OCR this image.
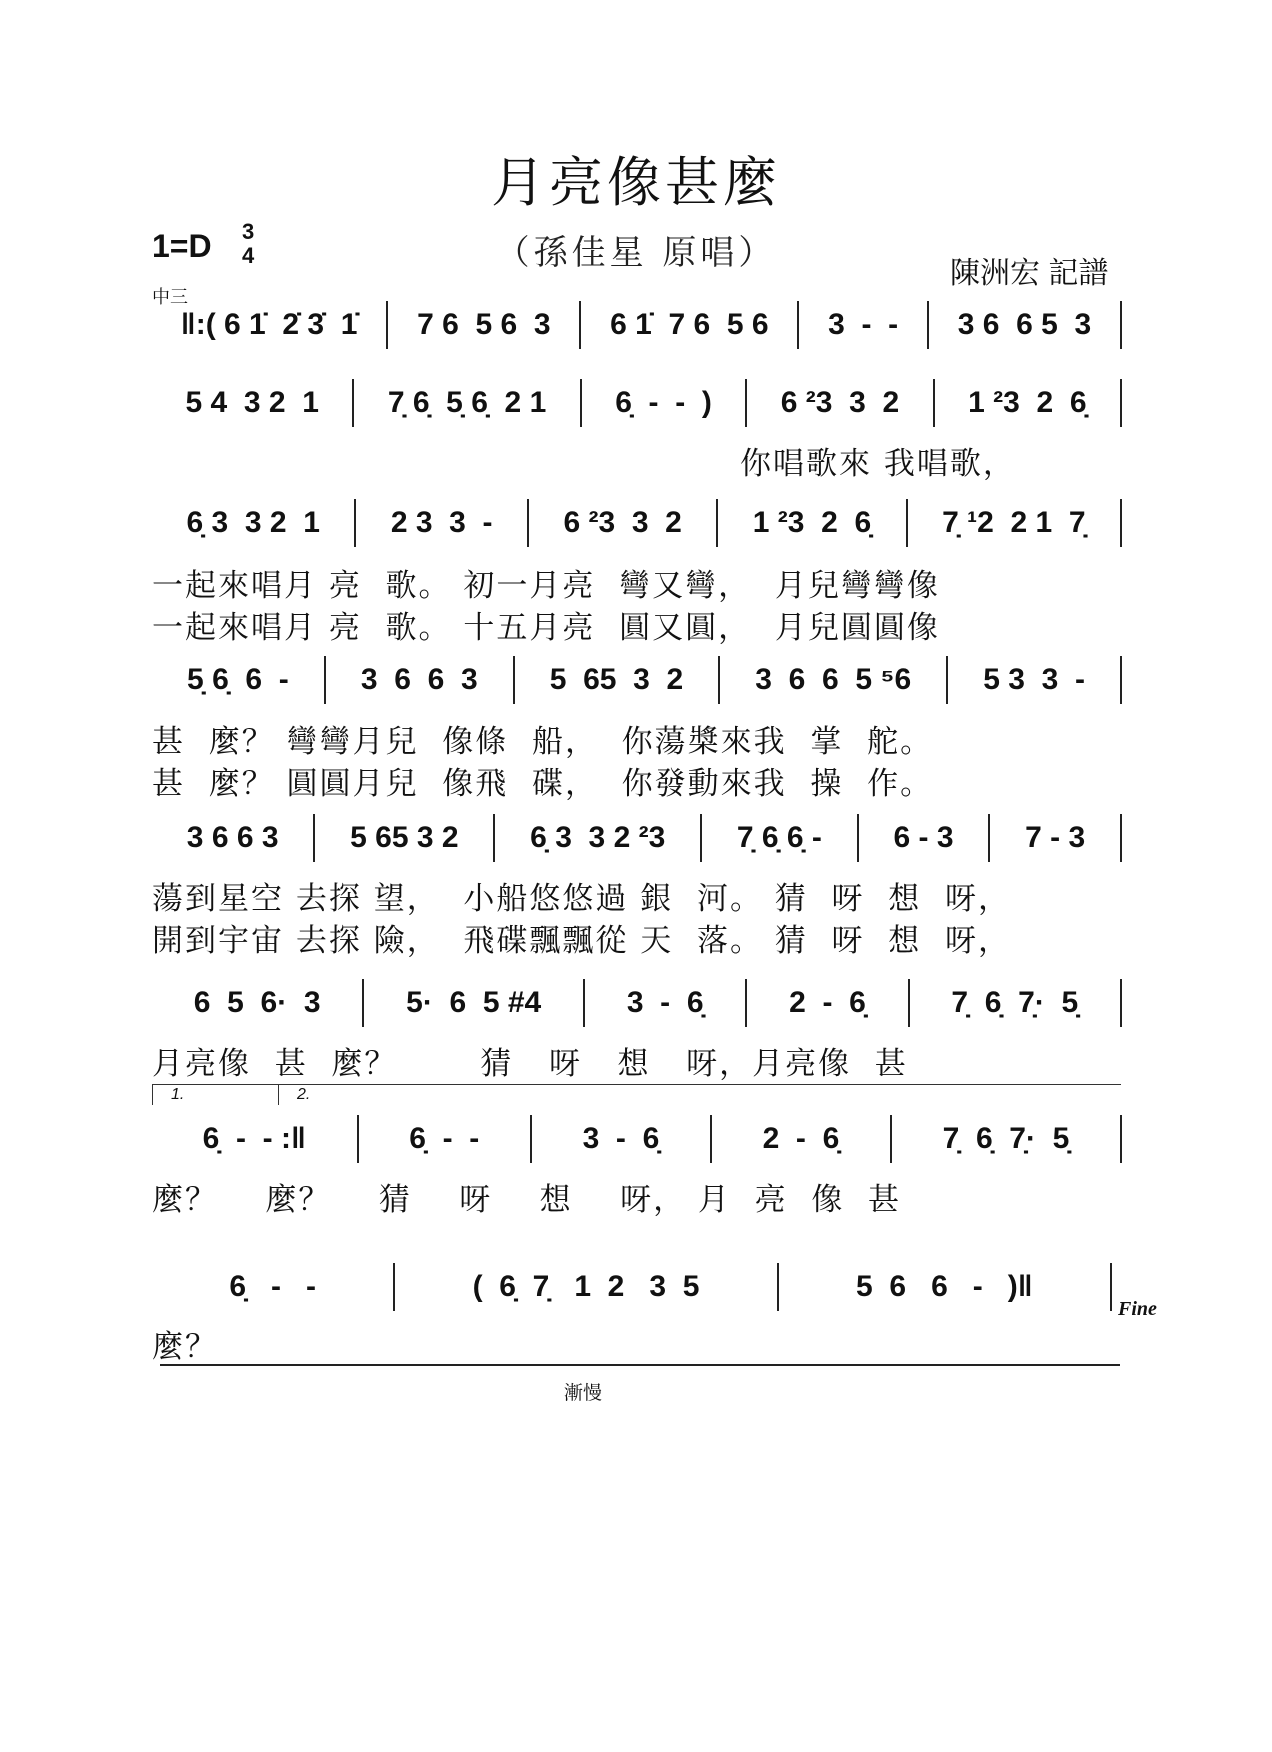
月亮像甚麼
（孫佳星 原唱）
1=D 3
4
陳洲宏 記譜
中三
‖:( 6 1̇  2̇ 3̇  1̇	7 6  5 6  3	6 1̇  7 6  5 6	3  -  -	3 6  6 5  3
5 4  3 2  1	7̣ 6̣  5̣ 6̣  2 1	6̣  -  -  )	6 ²3  3  2	1 ²3  2  6̣
你唱歌來 我唱歌，
6̣ 3  3 2  1	2 3  3  -	6 ²3  3  2	1 ²3  2  6̣	7̣ ¹2  2 1  7̣
一起來唱月 亮  歌。 初一月亮  彎又彎，  月兒彎彎像
一起來唱月 亮  歌。 十五月亮  圓又圓，  月兒圓圓像
5̣ 6̣  6  -	3  6  6  3	5  65  3  2	3  6  6  5 ⁵6	5 3  3  -
甚  麼？ 彎彎月兒  像條  船，  你蕩槳來我  掌  舵。
甚  麼？ 圓圓月兒  像飛  碟，  你發動來我  操  作。
3 6 6 3	5 65 3 2	6̣ 3  3 2 ²3	7̣ 6̣ 6̣ -	6 - 3	7 - 3
蕩到星空 去探 望，  小船悠悠過 銀  河。 猜  呀  想  呀，
開到宇宙 去探 險，  飛碟飄飄從 天  落。 猜  呀  想  呀，
6  5  6·  3	5·  6  5 #4	3  -  6̣	2  -  6̣	7̣  6̣  7̣·  5̣
月亮像  甚  麼？       猜   呀   想   呀，月亮像  甚
6̣  -  - :‖	6̣  -  -	3  -  6̣	2  -  6̣	7̣  6̣  7̣·  5̣
麼？    麼？    猜    呀    想    呀， 月  亮  像  甚
6̣   -   -	(  6̣  7̣   1  2   3  5	5  6   6   -   )‖
麼？
1.	2.
漸慢
Fine
